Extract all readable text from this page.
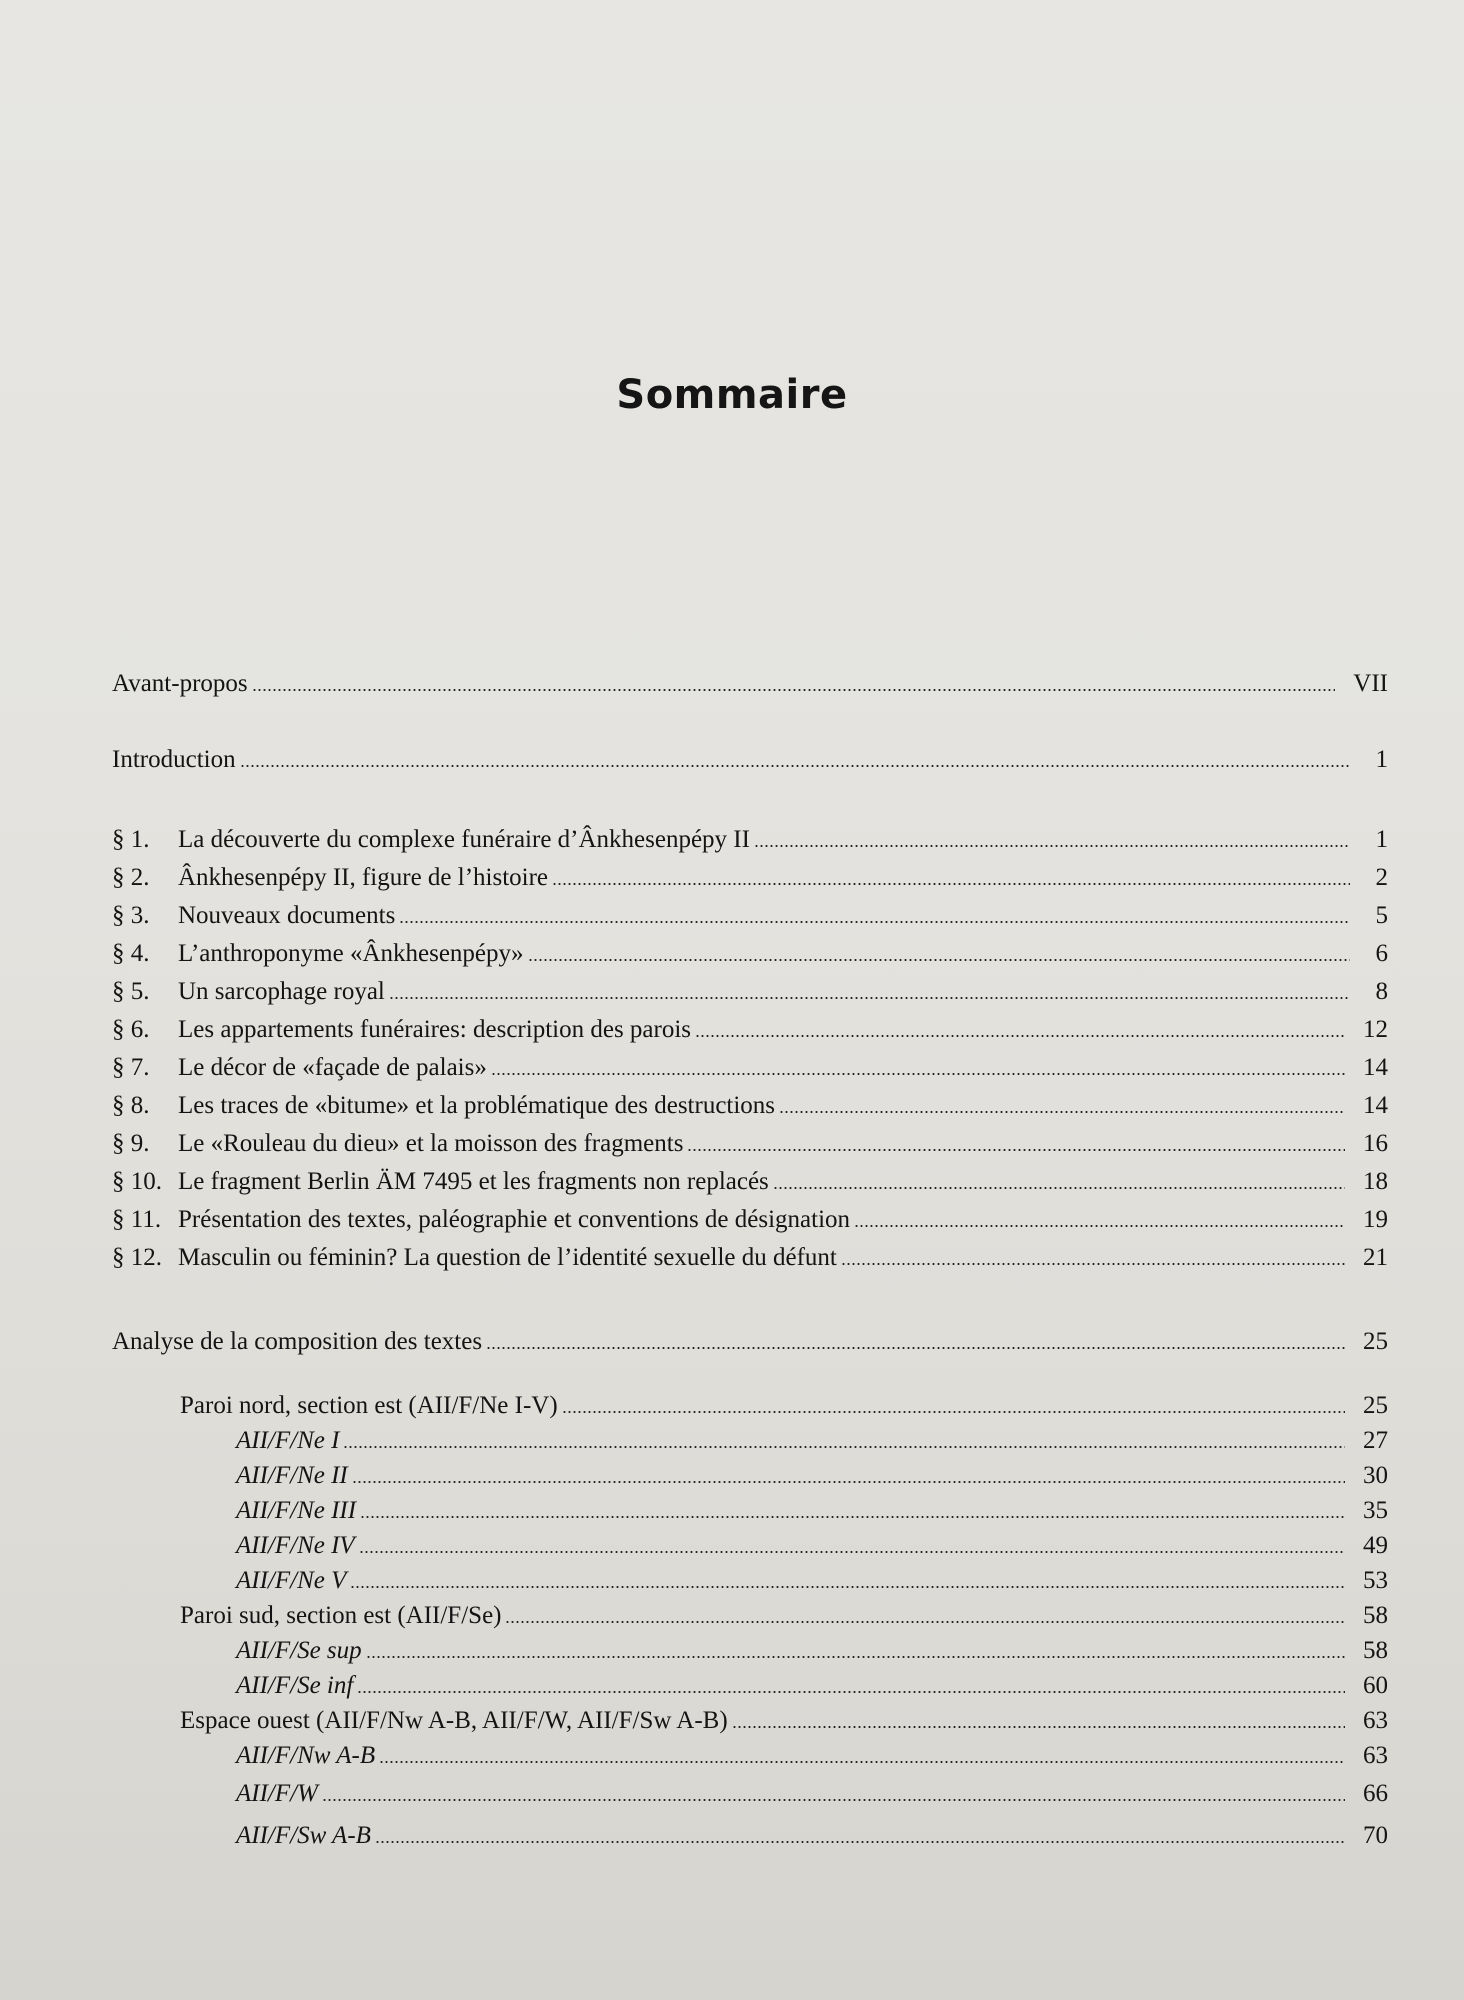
Sommaire
Avant-propos	VII
Introduction	1
§ 1.	La découverte du complexe funéraire d’Ânkhesenpépy II	1
§ 2.	Ânkhesenpépy II, figure de l’histoire	2
§ 3.	Nouveaux documents	5
§ 4.	L’anthroponyme «Ânkhesenpépy»	6
§ 5.	Un sarcophage royal	8
§ 6.	Les appartements funéraires: description des parois	12
§ 7.	Le décor de «façade de palais»	14
§ 8.	Les traces de «bitume» et la problématique des destructions	14
§ 9.	Le «Rouleau du dieu» et la moisson des fragments	16
§ 10. Le fragment Berlin ÄM 7495 et les fragments non replacés	18
§ 11. Présentation des textes, paléographie et conventions de désignation	19
§ 12. Masculin ou féminin? La question de l’identité sexuelle du défunt	21
Analyse de la composition des textes	25
Paroi nord, section est (AII/F/Ne I-V)	25
AII/F/Ne I	27
AII/F/Ne II	30
AII/F/Ne III	35
AII/F/Ne IV	49
AII/F/Ne V	53
Paroi sud, section est (AII/F/Se)	58
AII/F/Se sup	58
AII/F/Se inf	60
Espace ouest (AII/F/Nw A-B, AII/F/W, AII/F/Sw A-B)	63
AII/F/Nw A-B	63
AII/F/W	66
AII/F/Sw A-B	70
